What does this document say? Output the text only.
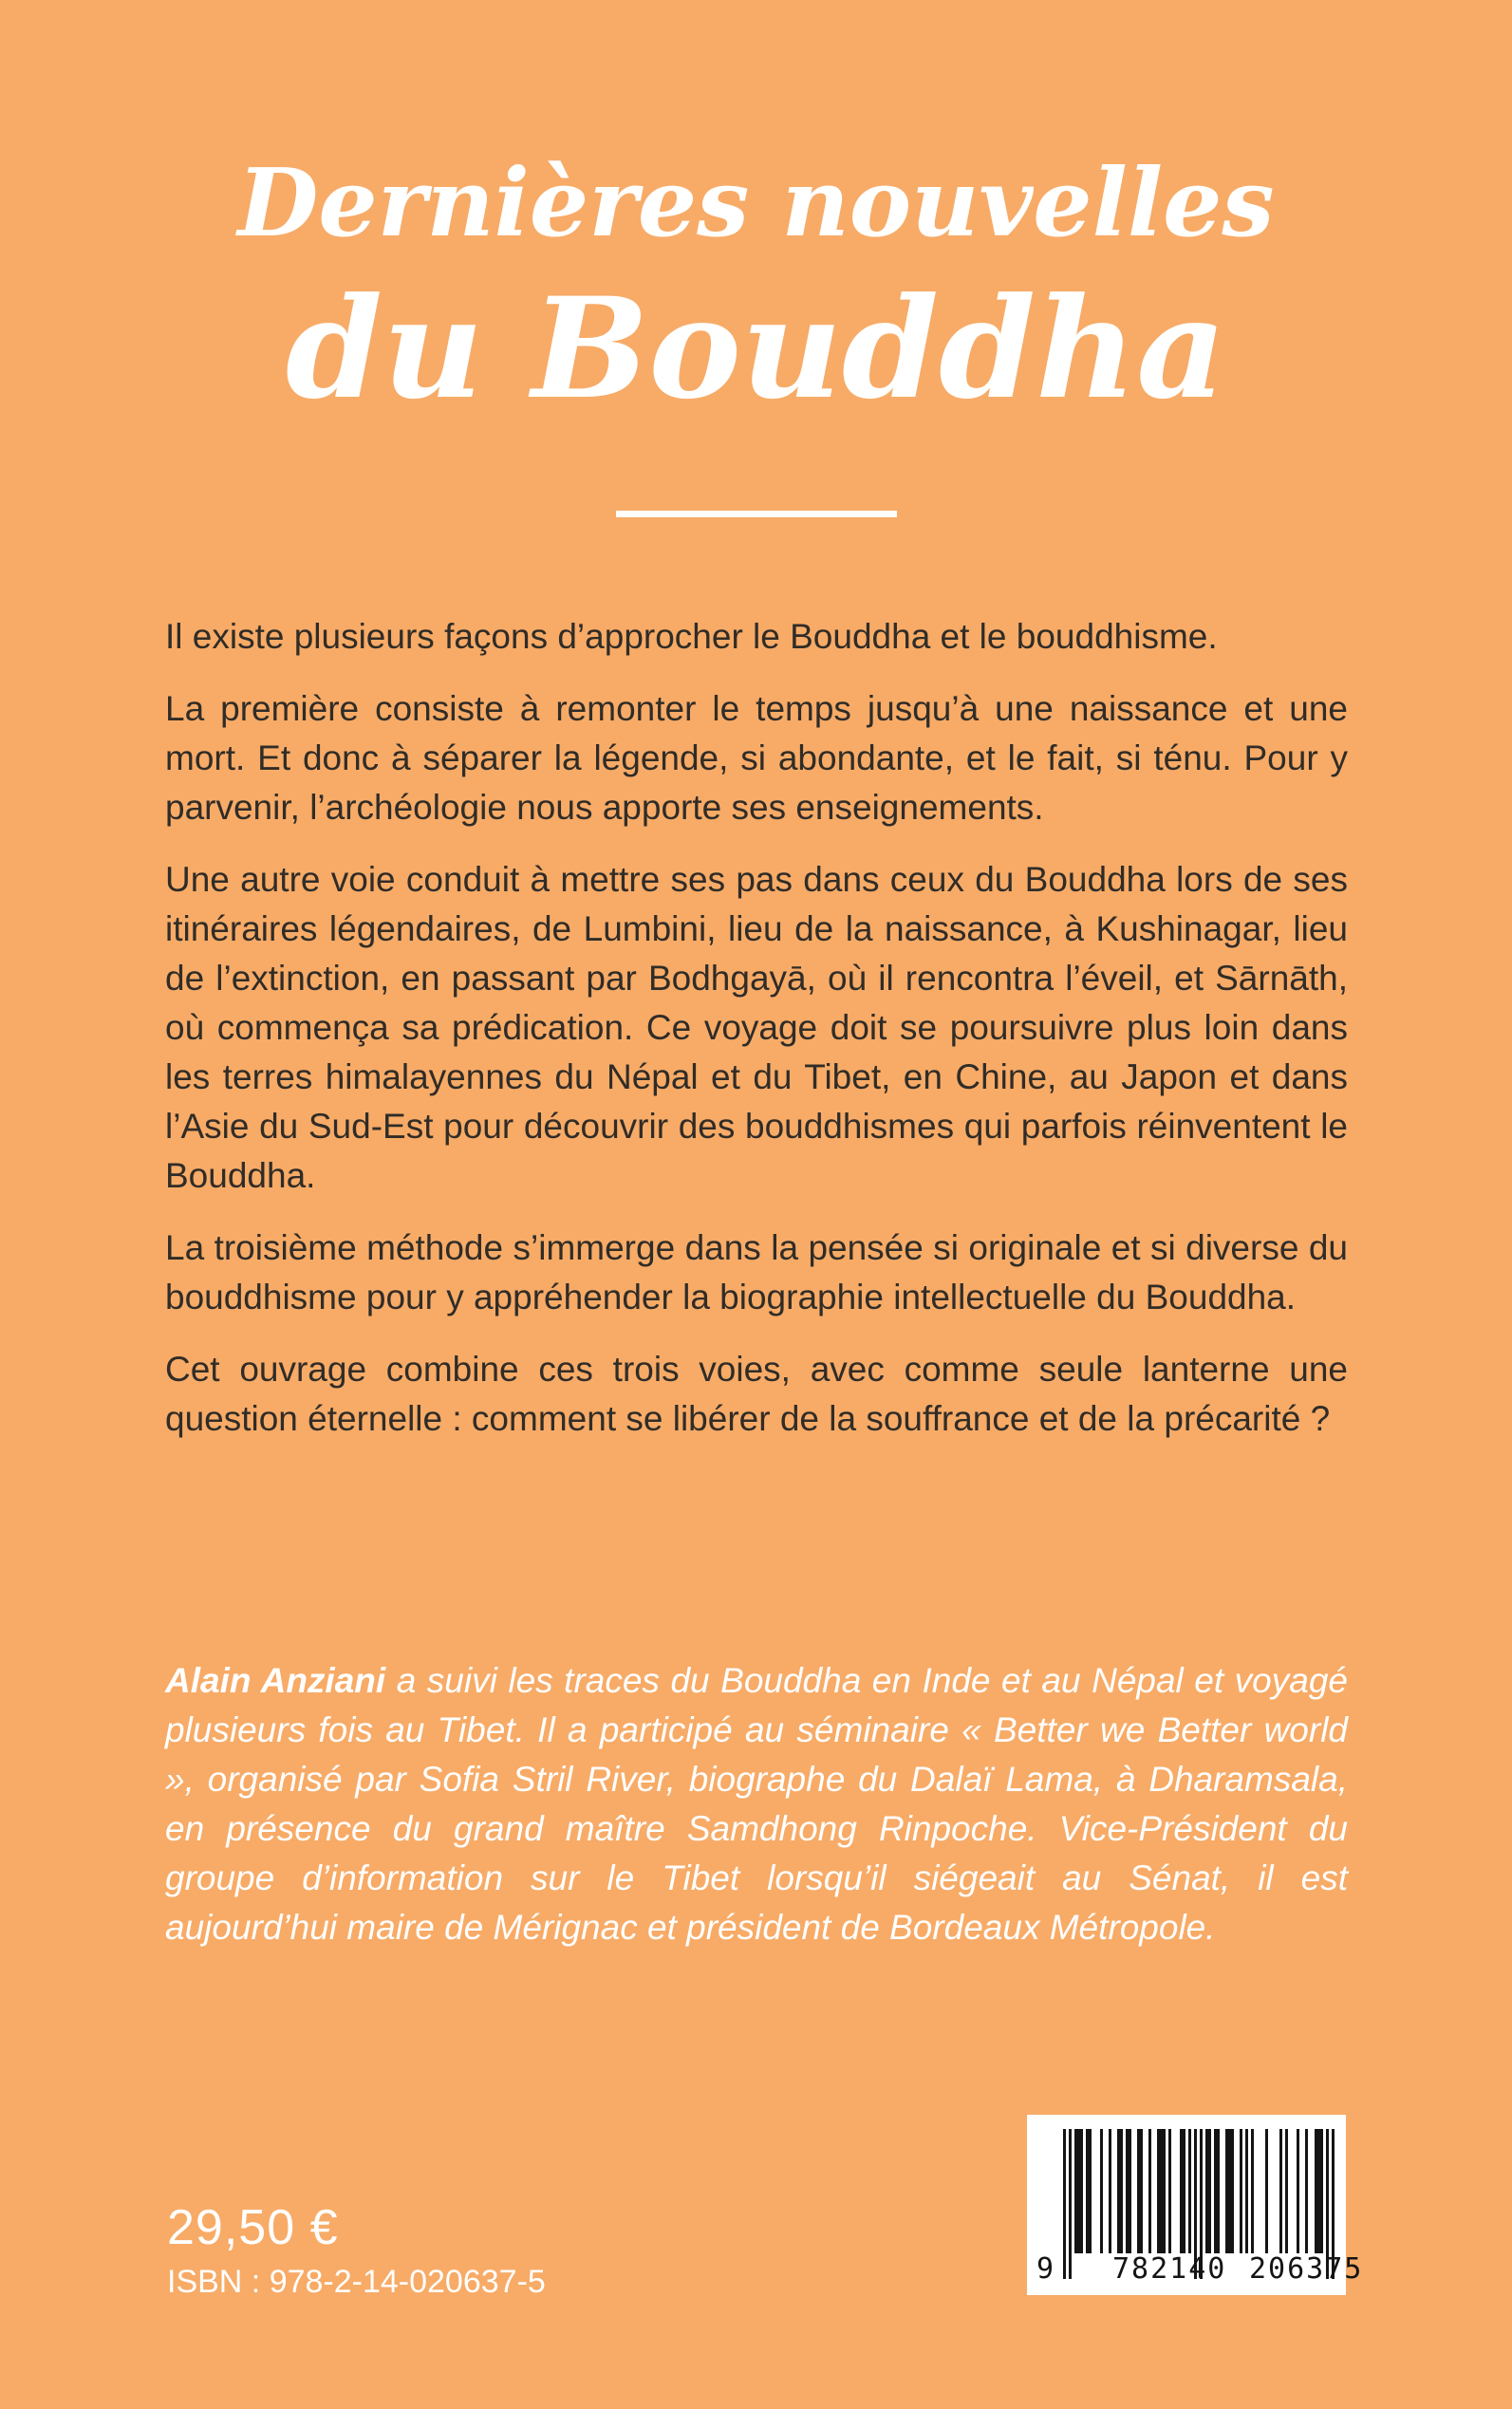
Dernières nouvelles
du Bouddha

Il existe plusieurs façons d’approcher le Bouddha et le bouddhisme.

La première consiste à remonter le temps jusqu’à une naissance et une mort. Et donc à séparer la légende, si abondante, et le fait, si ténu. Pour y parvenir, l’archéologie nous apporte ses enseignements.

Une autre voie conduit à mettre ses pas dans ceux du Bouddha lors de ses itinéraires légendaires, de Lumbini, lieu de la naissance, à Kushinagar, lieu de l’extinction, en passant par Bodhgayā, où il rencontra l’éveil, et Sārnāth, où commença sa prédication. Ce voyage doit se poursuivre plus loin dans les terres himalayennes du Népal et du Tibet, en Chine, au Japon et dans l’Asie du Sud-Est pour découvrir des bouddhismes qui parfois réinventent le Bouddha.

La troisième méthode s’immerge dans la pensée si originale et si diverse du bouddhisme pour y appréhender la biographie intellectuelle du Bouddha.

Cet ouvrage combine ces trois voies, avec comme seule lanterne une question éternelle : comment se libérer de la souffrance et de la précarité ?

Alain Anziani a suivi les traces du Bouddha en Inde et au Népal et voyagé plusieurs fois au Tibet. Il a participé au séminaire « Better we Better world », organisé par Sofia Stril River, biographe du Dalaï Lama, à Dharamsala, en présence du grand maître Samdhong Rinpoche. Vice-Président du groupe d’information sur le Tibet lorsqu’il siégeait au Sénat, il est aujourd’hui maire de Mérignac et président de Bordeaux Métropole.
29,50 €
ISBN : 978-2-14-020637-5	9 782140 206375
